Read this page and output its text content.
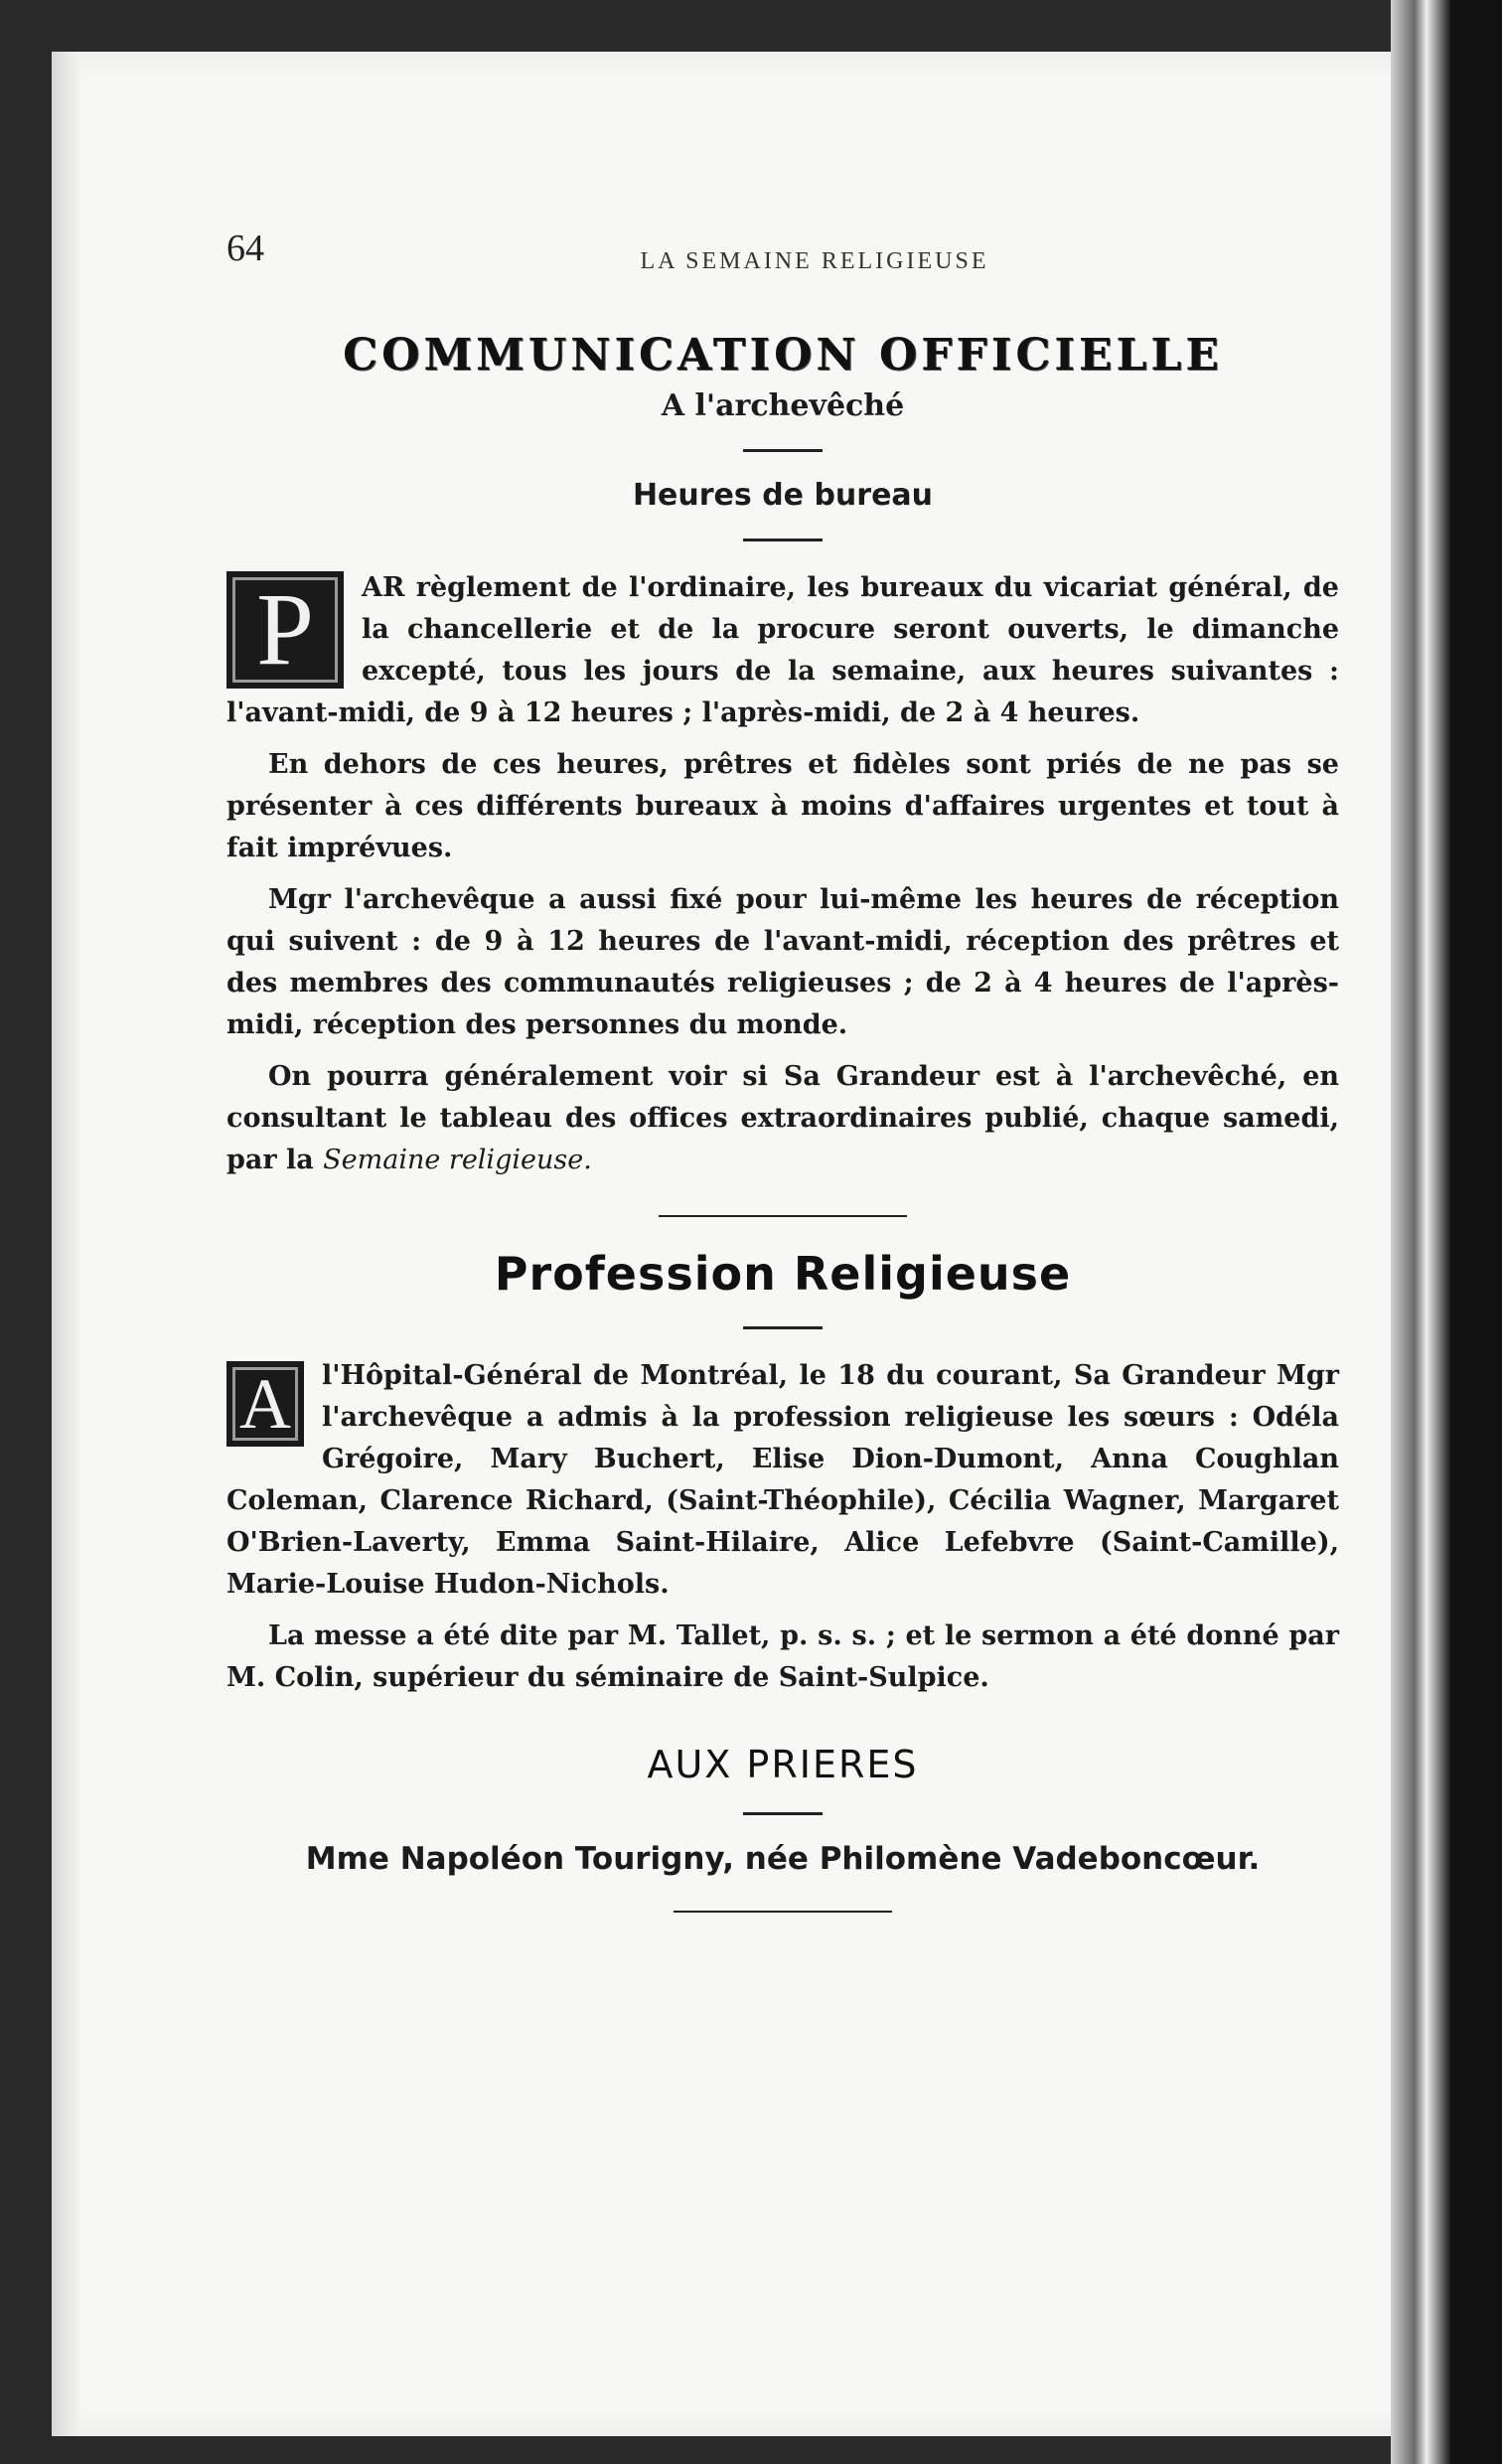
64	LA SEMAINE RELIGIEUSE
COMMUNICATION OFFICIELLE
A l'archevêché
Heures de bureau
P	AR règlement de l'ordinaire, les bureaux du vicariat général, de la chancellerie et de la procure seront ouverts, le dimanche excepté, tous les jours de la semaine, aux heures suivantes : l'avant-midi, de 9 à 12 heures ; l'après-midi, de 2 à 4 heures.

En dehors de ces heures, prêtres et fidèles sont priés de ne pas se présenter à ces différents bureaux à moins d'affaires urgentes et tout à fait imprévues.

Mgr l'archevêque a aussi fixé pour lui-même les heures de réception qui suivent : de 9 à 12 heures de l'avant-midi, réception des prêtres et des membres des communautés religieuses ; de 2 à 4 heures de l'après-midi, réception des personnes du monde.

On pourra généralement voir si Sa Grandeur est à l'archevêché, en consultant le tableau des offices extraordinaires publié, chaque samedi, par la Semaine religieuse.

Profession Religieuse
A	l'Hôpital-Général de Montréal, le 18 du courant, Sa Grandeur Mgr l'archevêque a admis à la profession religieuse les sœurs : Odéla Grégoire, Mary Buchert, Elise Dion-Dumont, Anna Coughlan Coleman, Clarence Richard, (Saint-Théophile), Cécilia Wagner, Margaret O'Brien-Laverty, Emma Saint-Hilaire, Alice Lefebvre (Saint-Camille), Marie-Louise Hudon-Nichols.

La messe a été dite par M. Tallet, p. s. s. ; et le sermon a été donné par M. Colin, supérieur du séminaire de Saint-Sulpice.

AUX PRIERES
Mme Napoléon Tourigny, née Philomène Vadeboncœur.
